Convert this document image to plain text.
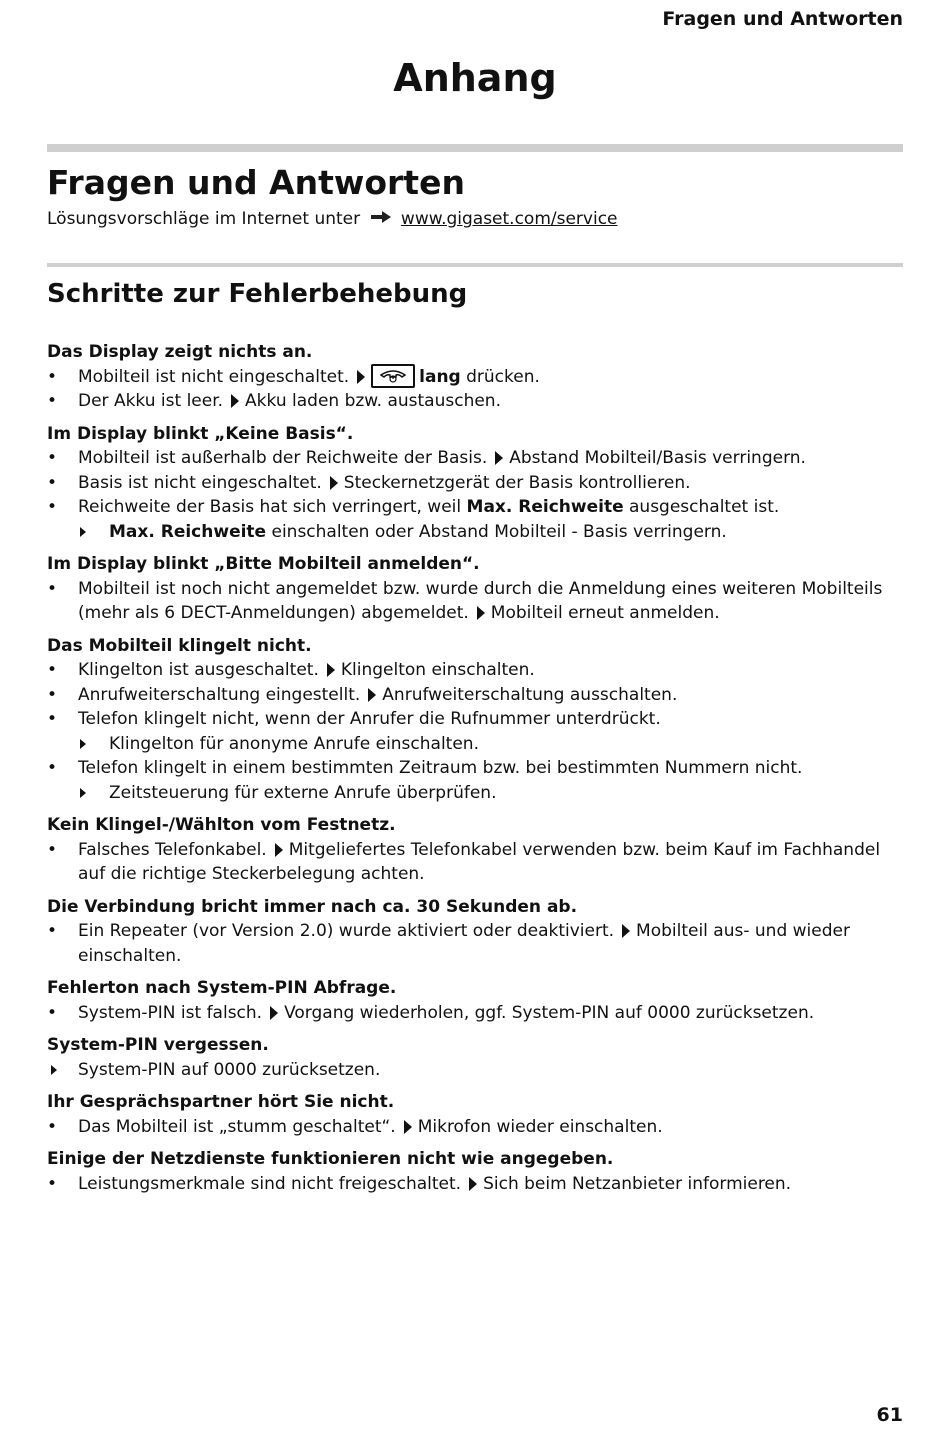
Fragen und Antworten
Anhang
Fragen und Antworten
Lösungsvorschläge im Internet unter www.gigaset.com/service
Schritte zur Fehlerbehebung

Das Display zeigt nichts an.

•	Mobilteil ist nicht eingeschaltet.	lang drücken.
•	Der Akku ist leer. Akku laden bzw. austauschen.

Im Display blinkt „Keine Basis“.

•	Mobilteil ist außerhalb der Reichweite der Basis. Abstand Mobilteil/Basis verringern.
•	Basis ist nicht eingeschaltet. Steckernetzgerät der Basis kontrollieren.
•	Reichweite der Basis hat sich verringert, weil Max. Reichweite ausgeschaltet ist.
Max. Reichweite einschalten oder Abstand Mobilteil - Basis verringern.

Im Display blinkt „Bitte Mobilteil anmelden“.

•	Mobilteil ist noch nicht angemeldet bzw. wurde durch die Anmeldung eines weiteren Mobilteils (mehr als 6 DECT-Anmeldungen) abgemeldet. Mobilteil erneut anmelden.

Das Mobilteil klingelt nicht.

•	Klingelton ist ausgeschaltet. Klingelton einschalten.
•	Anrufweiterschaltung eingestellt. Anrufweiterschaltung ausschalten.
•	Telefon klingelt nicht, wenn der Anrufer die Rufnummer unterdrückt.
Klingelton für anonyme Anrufe einschalten.
•	Telefon klingelt in einem bestimmten Zeitraum bzw. bei bestimmten Nummern nicht.
Zeitsteuerung für externe Anrufe überprüfen.

Kein Klingel-/Wählton vom Festnetz.

•	Falsches Telefonkabel. Mitgeliefertes Telefonkabel verwenden bzw. beim Kauf im Fachhandel auf die richtige Steckerbelegung achten.

Die Verbindung bricht immer nach ca. 30 Sekunden ab.

•	Ein Repeater (vor Version 2.0) wurde aktiviert oder deaktiviert. Mobilteil aus- und wieder einschalten.

Fehlerton nach System-PIN Abfrage.

•	System-PIN ist falsch. Vorgang wiederholen, ggf. System-PIN auf 0000 zurücksetzen.

System-PIN vergessen.

System-PIN auf 0000 zurücksetzen.

Ihr Gesprächspartner hört Sie nicht.

•	Das Mobilteil ist „stumm geschaltet“. Mikrofon wieder einschalten.

Einige der Netzdienste funktionieren nicht wie angegeben.

•	Leistungsmerkmale sind nicht freigeschaltet. Sich beim Netzanbieter informieren.
61
